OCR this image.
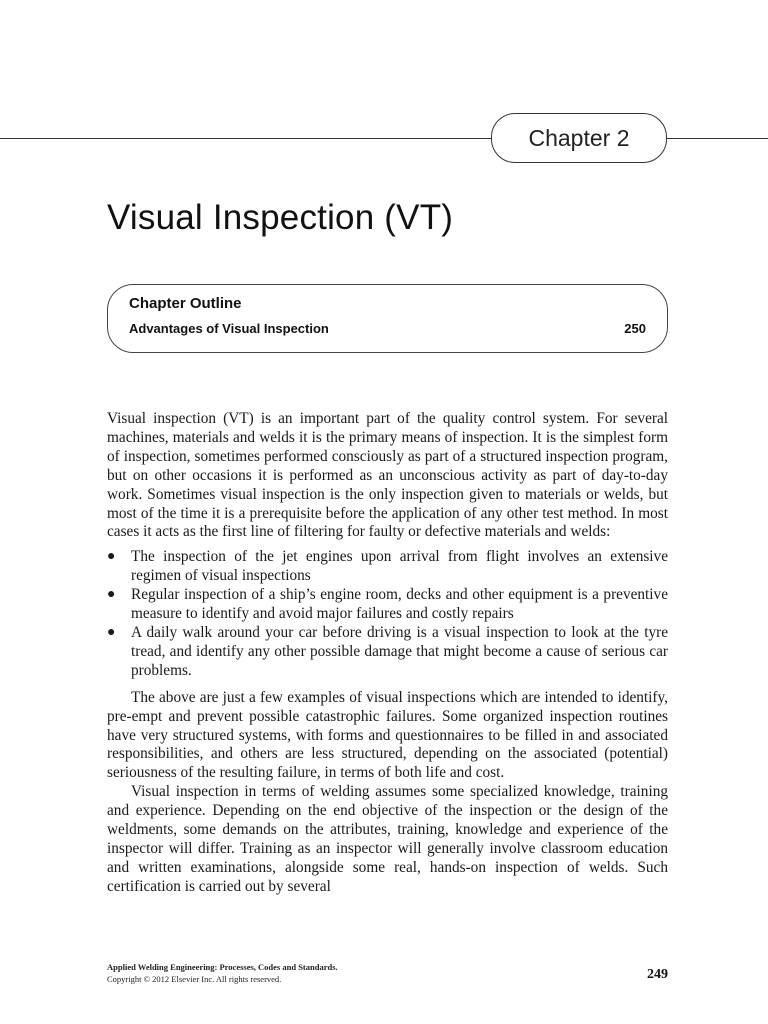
Chapter 2
Visual Inspection (VT)
Chapter Outline
Advantages of Visual Inspection	250

Visual inspection (VT) is an important part of the quality control system. For several machines, materials and welds it is the primary means of inspection. It is the simplest form of inspection, sometimes performed consciously as part of a structured inspection program, but on other occasions it is performed as an unconscious activity as part of day-to-day work. Sometimes visual inspection is the only inspection given to materials or welds, but most of the time it is a prerequisite before the application of any other test method. In most cases it acts as the first line of filtering for faulty or defective materials and welds:

● The inspection of the jet engines upon arrival from flight involves an extensive regimen of visual inspections
● Regular inspection of a ship’s engine room, decks and other equipment is a preventive measure to identify and avoid major failures and costly repairs
● A daily walk around your car before driving is a visual inspection to look at the tyre tread, and identify any other possible damage that might become a cause of serious car problems.

The above are just a few examples of visual inspections which are intended to identify, pre-empt and prevent possible catastrophic failures. Some organized inspection routines have very structured systems, with forms and questionnaires to be filled in and associated responsibilities, and others are less structured, depending on the associated (potential) seriousness of the resulting failure, in terms of both life and cost.

Visual inspection in terms of welding assumes some specialized knowledge, training and experience. Depending on the end objective of the inspection or the design of the weldments, some demands on the attributes, training, knowledge and experience of the inspector will differ. Training as an inspector will generally involve classroom education and written examinations, alongside some real, hands-on inspection of welds. Such certification is carried out by several

Applied Welding Engineering: Processes, Codes and Standards.
Copyright © 2012 Elsevier Inc. All rights reserved.	249
